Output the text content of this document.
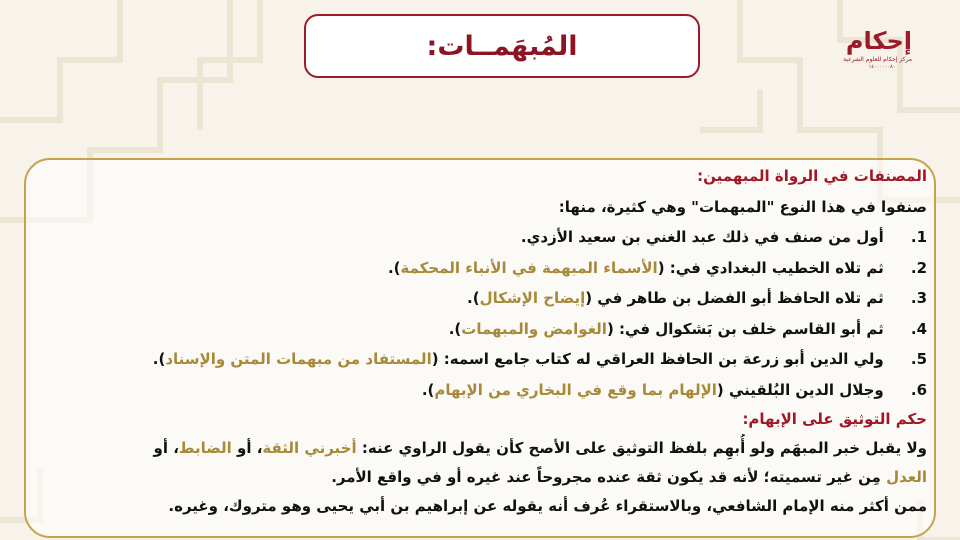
المُبهَمــات:	إحكام
مركز إحكام للعلوم الشرعية
١٤٠٠٠٠٠٠٨٠
المصنفات في الرواة المبهمين:
صنفوا في هذا النوع "المبهمات" وهي كثيرة، منها:
1. أول من صنف في ذلك عبد الغني بن سعيد الأزدي.
2. ثم تلاه الخطيب البغدادي في: (الأسماء المبهمة في الأنباء المحكمة).
3. ثم تلاه الحافظ أبو الفضل بن طاهر في (إيضاح الإشكال).
4. ثم أبو القاسم خلف بن بَشكوال في: (الغوامض والمبهمات).
5. ولي الدين أبو زرعة بن الحافظ العراقي له كتاب جامع اسمه: (المستفاد من مبهمات المتن والإسناد).
6. وجلال الدين البُلقيني (الإلهام بما وقع في البخاري من الإبهام).
حكم التوثيق على الإبهام:
ولا يقبل خبر المبهَم ولو أُبهِم بلفظ التوثيق على الأصح كأن يقول الراوي عنه: أخبرني الثقة، أو الضابط، أو
العدل مِن غير تسميته؛ لأنه قد يكون ثقة عنده مجروحاً عند غيره أو في واقع الأمر.
ممن أكثر منه الإمام الشافعي، وبالاستقراء عُرف أنه يقوله عن إبراهيم بن أبي يحيى وهو متروك، وغيره.
